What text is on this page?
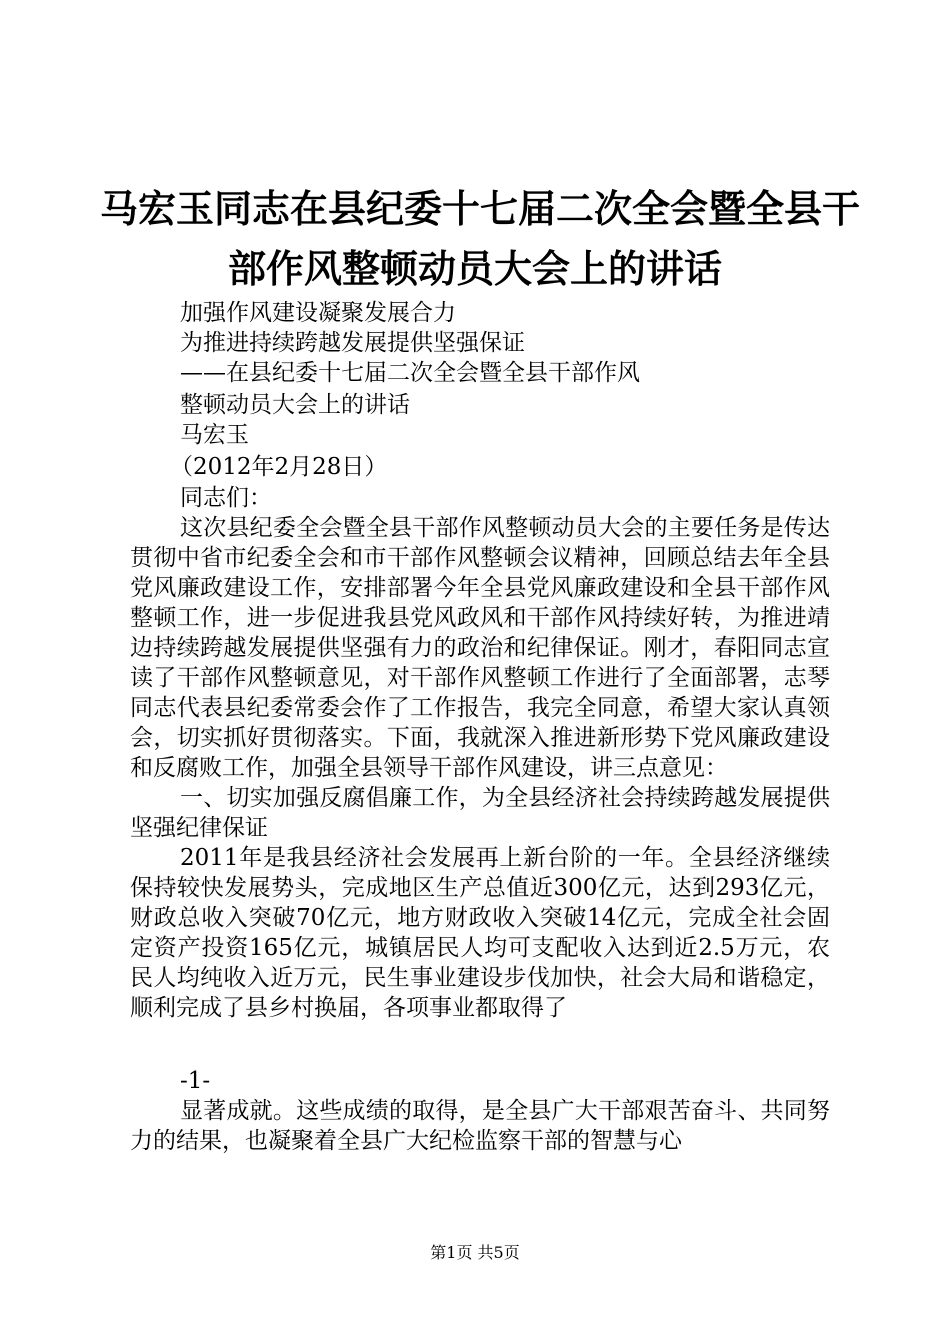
马宏玉同志在县纪委十七届二次全会暨全县干
部作风整顿动员大会上的讲话
加强作风建设凝聚发展合力
为推进持续跨越发展提供坚强保证
——在县纪委十七届二次全会暨全县干部作风
整顿动员大会上的讲话
马宏玉
（2012年2月28日）
同志们：

这次县纪委全会暨全县干部作风整顿动员大会的主要任务是传达贯彻中省市纪委全会和市干部作风整顿会议精神，回顾总结去年全县党风廉政建设工作，安排部署今年全县党风廉政建设和全县干部作风整顿工作，进一步促进我县党风政风和干部作风持续好转，为推进靖边持续跨越发展提供坚强有力的政治和纪律保证。刚才，春阳同志宣读了干部作风整顿意见，对干部作风整顿工作进行了全面部署，志琴同志代表县纪委常委会作了工作报告，我完全同意，希望大家认真领会，切实抓好贯彻落实。下面，我就深入推进新形势下党风廉政建设和反腐败工作，加强全县领导干部作风建设，讲三点意见：

一、切实加强反腐倡廉工作，为全县经济社会持续跨越发展提供坚强纪律保证

2011年是我县经济社会发展再上新台阶的一年。全县经济继续保持较快发展势头，完成地区生产总值近300亿元，达到293亿元，财政总收入突破70亿元，地方财政收入突破14亿元，完成全社会固定资产投资165亿元，城镇居民人均可支配收入达到近2.5万元，农民人均纯收入近万元，民生事业建设步伐加快，社会大局和谐稳定，顺利完成了县乡村换届，各项事业都取得了

-1-

显著成就。这些成绩的取得，是全县广大干部艰苦奋斗、共同努力的结果，也凝聚着全县广大纪检监察干部的智慧与心

第1页 共5页
